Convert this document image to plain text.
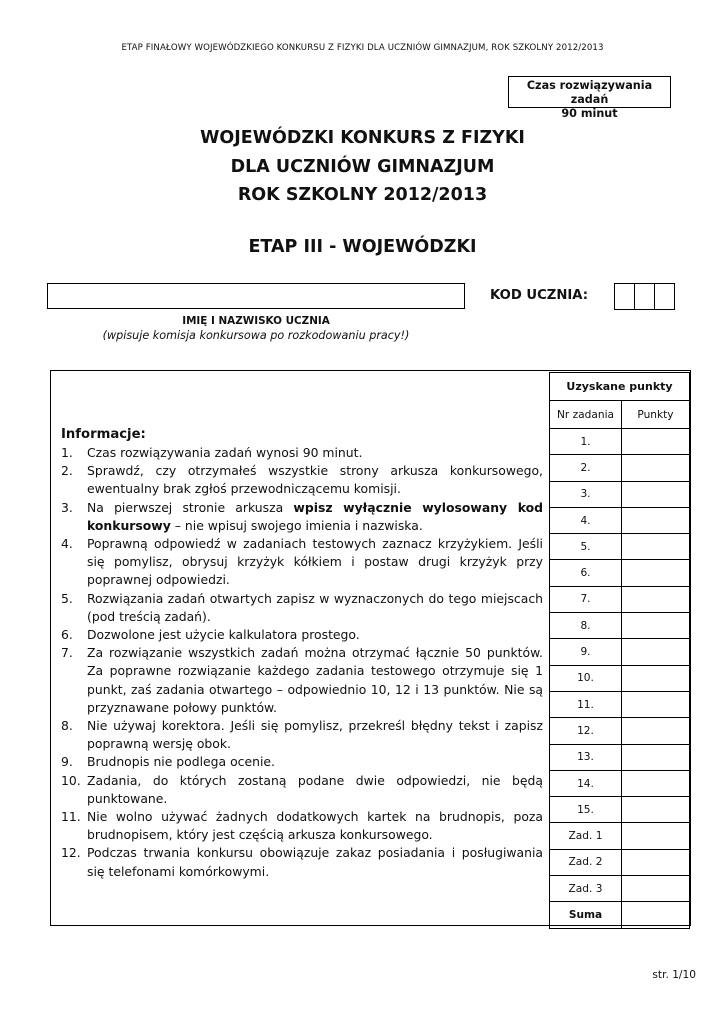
ETAP FINAŁOWY WOJEWÓDZKIEGO KONKURSU Z FIZYKI DLA UCZNIÓW GIMNAZJUM, ROK SZKOLNY 2012/2013
Czas rozwiązywania zadań
90 minut
WOJEWÓDZKI KONKURS Z FIZYKI
DLA UCZNIÓW GIMNAZJUM
ROK SZKOLNY 2012/2013
ETAP III - WOJEWÓDZKI
KOD UCZNIA:
IMIĘ I NAZWISKO UCZNIA
(wpisuje komisja konkursowa po rozkodowaniu pracy!)
Informacje:
1.	Czas rozwiązywania zadań wynosi 90 minut.
2.	Sprawdź, czy otrzymałeś wszystkie strony arkusza konkursowego, ewentualny brak zgłoś przewodniczącemu komisji.
3.	Na pierwszej stronie arkusza wpisz wyłącznie wylosowany kod konkursowy – nie wpisuj swojego imienia i nazwiska.
4.	Poprawną odpowiedź w zadaniach testowych zaznacz krzyżykiem. Jeśli się pomylisz, obrysuj krzyżyk kółkiem i postaw drugi krzyżyk przy poprawnej odpowiedzi.
5.	Rozwiązania zadań otwartych zapisz w wyznaczonych do tego miejscach (pod treścią zadań).
6.	Dozwolone jest użycie kalkulatora prostego.
7.	Za rozwiązanie wszystkich zadań można otrzymać łącznie 50 punktów. Za poprawne rozwiązanie każdego zadania testowego otrzymuje się 1 punkt, zaś zadania otwartego – odpowiednio 10, 12 i 13 punktów. Nie są przyznawane połowy punktów.
8.	Nie używaj korektora. Jeśli się pomylisz, przekreśl błędny tekst i zapisz poprawną wersję obok.
9.	Brudnopis nie podlega ocenie.
10. Zadania, do których zostaną podane dwie odpowiedzi, nie będą punktowane.
11. Nie wolno używać żadnych dodatkowych kartek na brudnopis, poza brudnopisem, który jest częścią arkusza konkursowego.
12. Podczas trwania konkursu obowiązuje zakaz posiadania i posługiwania się telefonami komórkowymi.
Uzyskane punkty	
Nr zadania	Punkty
1.	
2.	
3.	
4.	
5.	
6.	
7.	
8.	
9.	
10.	
11.	
12.	
13.	
14.	
15.	
Zad. 1	
Zad. 2	
Zad. 3	
Suma	
str. 1/10
